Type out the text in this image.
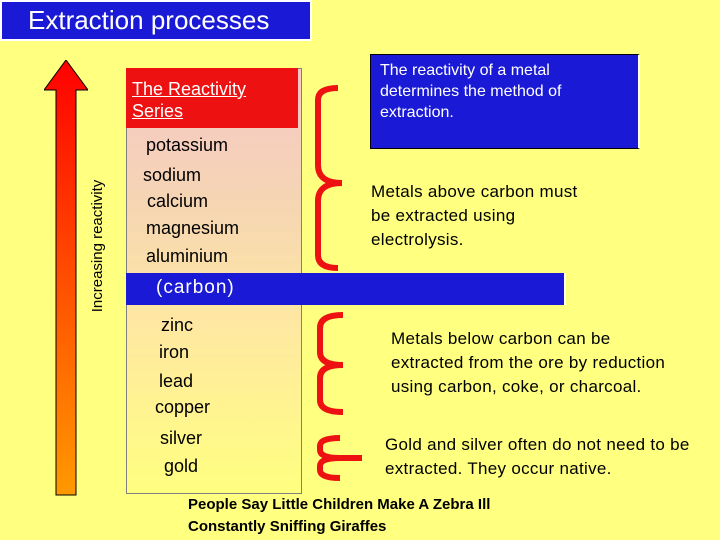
Extraction processes
Increasing reactivity
The Reactivity Series
potassium
sodium
calcium
magnesium
aluminium
(carbon)
zinc
iron
lead
copper
silver
gold
The reactivity of a metal determines the method of extraction.
Metals above carbon must be extracted using electrolysis.
Metals below carbon can be extracted from the ore by reduction using carbon, coke, or charcoal.
Gold and silver often do not need to be extracted. They occur native.
People Say Little Children Make A Zebra Ill
Constantly Sniffing Giraffes
